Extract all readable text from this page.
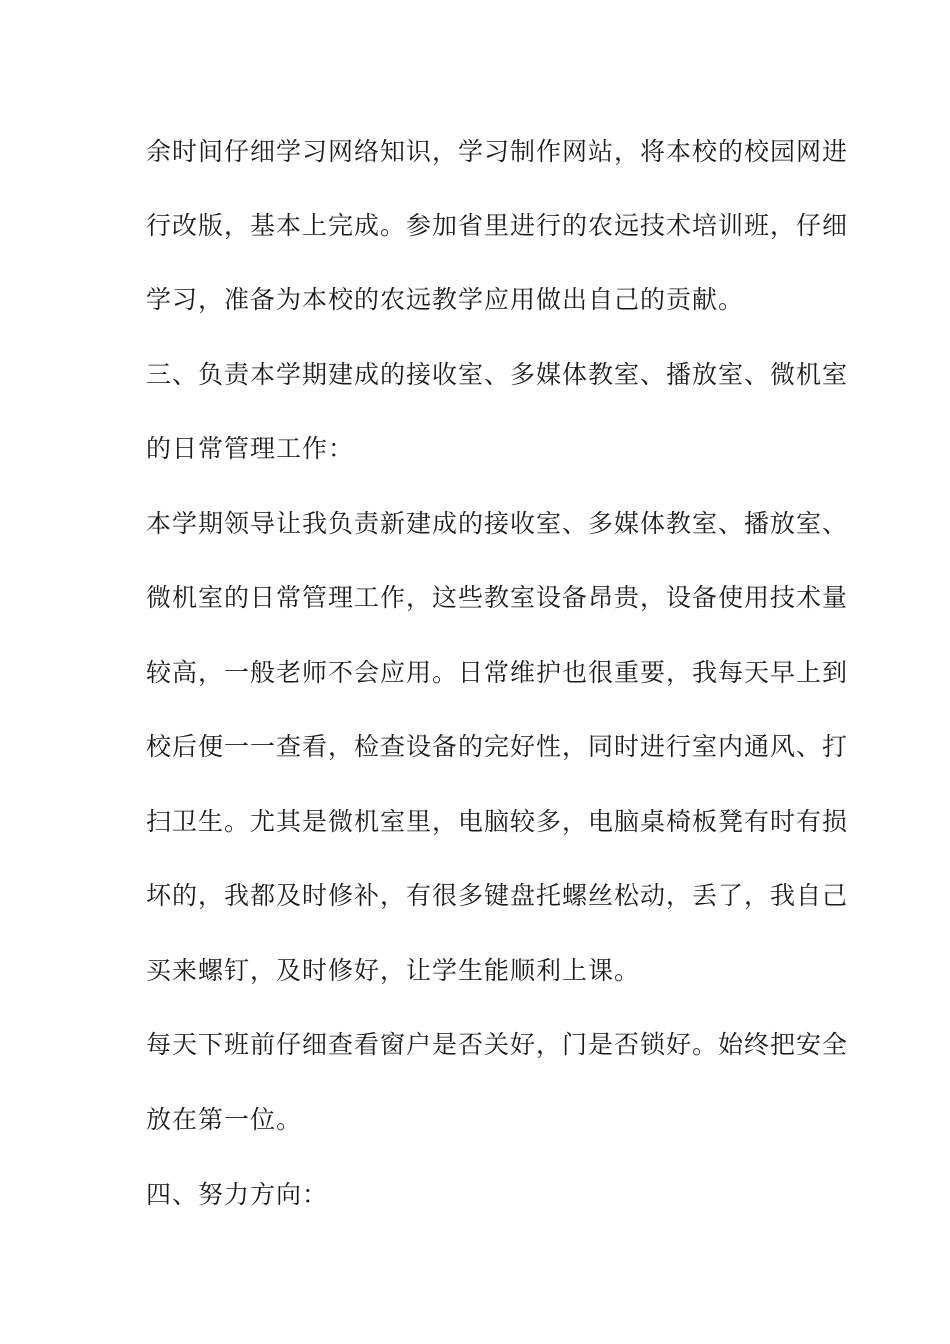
余时间仔细学习网络知识，学习制作网站，将本校的校园网进
行改版，基本上完成。参加省里进行的农远技术培训班，仔细
学习，准备为本校的农远教学应用做出自己的贡献。
三、负责本学期建成的接收室、多媒体教室、播放室、微机室
的日常管理工作：
本学期领导让我负责新建成的接收室、多媒体教室、播放室、
微机室的日常管理工作，这些教室设备昂贵，设备使用技术量
较高，一般老师不会应用。日常维护也很重要，我每天早上到
校后便一一查看，检查设备的完好性，同时进行室内通风、打
扫卫生。尤其是微机室里，电脑较多，电脑桌椅板凳有时有损
坏的，我都及时修补，有很多键盘托螺丝松动，丢了，我自己
买来螺钉，及时修好，让学生能顺利上课。
每天下班前仔细查看窗户是否关好，门是否锁好。始终把安全
放在第一位。
四、努力方向：
